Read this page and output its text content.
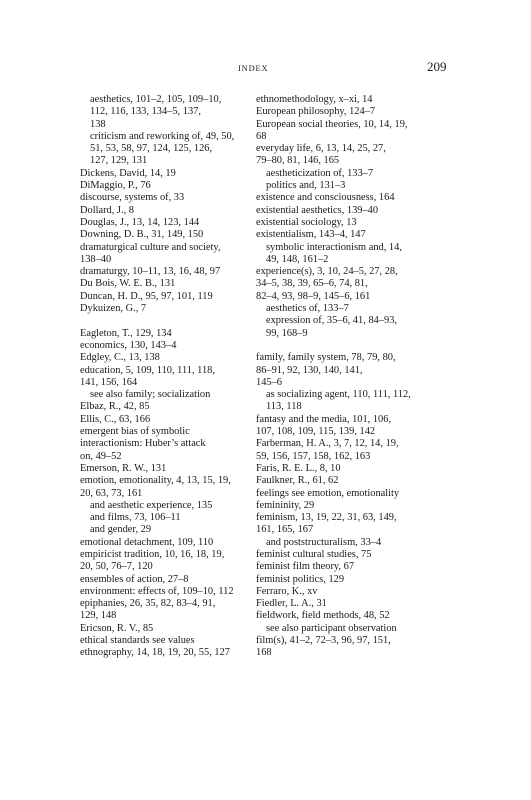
INDEX	209
aesthetics, 101–2, 105, 109–10,
112, 116, 133, 134–5, 137,
138
criticism and reworking of, 49, 50,
51, 53, 58, 97, 124, 125, 126,
127, 129, 131
Dickens, David, 14, 19
DiMaggio, P., 76
discourse, systems of, 33
Dollard, J., 8
Douglas, J., 13, 14, 123, 144
Downing, D. B., 31, 149, 150
dramaturgical culture and society,
138–40
dramaturgy, 10–11, 13, 16, 48, 97
Du Bois, W. E. B., 131
Duncan, H. D., 95, 97, 101, 119
Dykuizen, G., 7
Eagleton, T., 129, 134
economics, 130, 143–4
Edgley, C., 13, 138
education, 5, 109, 110, 111, 118,
141, 156, 164
see also family; socialization
Elbaz, R., 42, 85
Ellis, C., 63, 166
emergent bias of symbolic
interactionism: Huber’s attack
on, 49–52
Emerson, R. W., 131
emotion, emotionality, 4, 13, 15, 19,
20, 63, 73, 161
and aesthetic experience, 135
and films, 73, 106–11
and gender, 29
emotional detachment, 109, 110
empiricist tradition, 10, 16, 18, 19,
20, 50, 76–7, 120
ensembles of action, 27–8
environment: effects of, 109–10, 112
epiphanies, 26, 35, 82, 83–4, 91,
129, 148
Ericson, R. V., 85
ethical standards see values
ethnography, 14, 18, 19, 20, 55, 127
ethnomethodology, x–xi, 14
European philosophy, 124–7
European social theories, 10, 14, 19,
68
everyday life, 6, 13, 14, 25, 27,
79–80, 81, 146, 165
aestheticization of, 133–7
politics and, 131–3
existence and consciousness, 164
existential aesthetics, 139–40
existential sociology, 13
existentialism, 143–4, 147
symbolic interactionism and, 14,
49, 148, 161–2
experience(s), 3, 10, 24–5, 27, 28,
34–5, 38, 39, 65–6, 74, 81,
82–4, 93, 98–9, 145–6, 161
aesthetics of, 133–7
expression of, 35–6, 41, 84–93,
99, 168–9
family, family system, 78, 79, 80,
86–91, 92, 130, 140, 141,
145–6
as socializing agent, 110, 111, 112,
113, 118
fantasy and the media, 101, 106,
107, 108, 109, 115, 139, 142
Farberman, H. A., 3, 7, 12, 14, 19,
59, 156, 157, 158, 162, 163
Faris, R. E. L., 8, 10
Faulkner, R., 61, 62
feelings see emotion, emotionality
femininity, 29
feminism, 13, 19, 22, 31, 63, 149,
161, 165, 167
and poststructuralism, 33–4
feminist cultural studies, 75
feminist film theory, 67
feminist politics, 129
Ferraro, K., xv
Fiedler, L. A., 31
fieldwork, field methods, 48, 52
see also participant observation
film(s), 41–2, 72–3, 96, 97, 151,
168
